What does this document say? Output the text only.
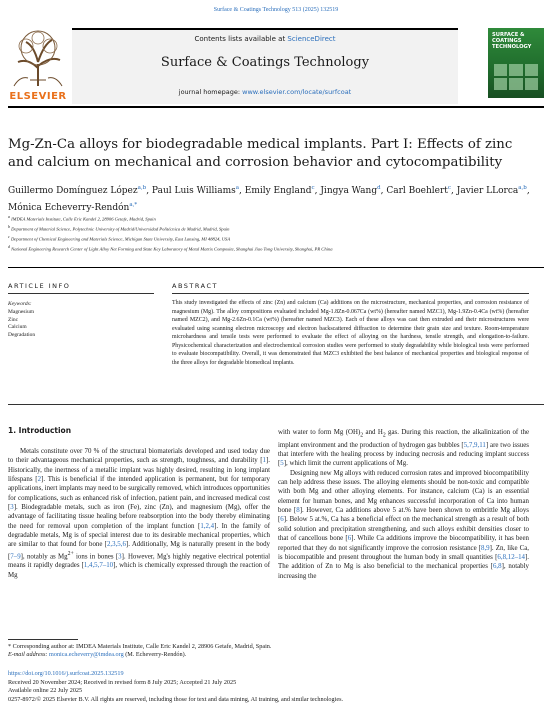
Surface & Coatings Technology 513 (2025) 132519
ELSEVIER
Contents lists available at ScienceDirect
Surface & Coatings Technology
journal homepage: www.elsevier.com/locate/surfcoat
SURFACE & COATINGS TECHNOLOGY
Mg-Zn-Ca alloys for biodegradable medical implants. Part I: Effects of zinc and calcium on mechanical and corrosion behavior and cytocompatibility
Guillermo Domínguez López$^{a,b}$, Paul Luis Williams$^a$, Emily England$^c$, Jingya Wang$^d$, Carl Boehlert$^c$, Javier LLorca$^{a,b}$, Mónica Echeverry-Rendón$^{a,*}$
$^a$ IMDEA Materials Institute, Calle Eric Kandel 2, 28906 Getafe, Madrid, Spain
$^b$ Department of Material Science, Polytechnic University of Madrid/Universidad Politécnica de Madrid, Madrid, Spain
$^c$ Department of Chemical Engineering and Materials Science, Michigan State University, East Lansing, MI 48824, USA
$^d$ National Engineering Research Center of Light Alloy Net Forming and State Key Laboratory of Metal Matrix Composite, Shanghai Jiao Tong University, Shanghai, PR China
ARTICLE INFO	ABSTRACT
Keywords:
Magnesium
Zinc
Calcium
Degradation
This study investigated the effects of zinc (Zn) and calcium (Ca) additions on the microstructure, mechanical properties, and corrosion resistance of magnesium (Mg). The alloy compositions evaluated included Mg-1.8Zn-0.067Ca (wt%) (hereafter named MZC1), Mg-1.9Zn-0.4Ca (wt%) (hereafter named MZC2), and Mg-2.6Zn-0.1Ca (wt%) (hereafter named MZC3). Each of these alloys was cast then extruded and their microstructures were evaluated using scanning electron microscopy and electron backscattered diffraction to determine their grain size and texture. Room-temperature microhardness and tensile tests were performed to evaluate the effect of alloying on the hardness, tensile strength, and elongation-to-failure. Physicochemical characterization and electrochemical corrosion studies were performed to study degradability while biological tests were performed to evaluate biocompatibility. Overall, it was demonstrated that MZC3 exhibited the best balance of mechanical properties and biological response of the three alloys for degradable biomedical implants.
1. Introduction

Metals constitute over 70 % of the structural biomaterials developed and used today due to their advantageous mechanical properties, such as strength, toughness, and durability [1]. Historically, the inertness of a metallic implant was highly desired, resulting in long implant lifespans [2]. This is beneficial if the intended application is permanent, but for temporary applications, inert implants may need to be surgically removed, which introduces opportunities for complications, such as enhanced risk of infection, patient pain, and increased medical cost [3]. Biodegradable metals, such as iron (Fe), zinc (Zn), and magnesium (Mg), offer the advantage of facilitating tissue healing before reabsorption into the body thereby eliminating the need for removal upon completion of the implant function [1,2,4]. In the family of degradable metals, Mg is of special interest due to its desirable mechanical properties, which are similar to that found for bone [2,3,5,6]. Additionally, Mg is naturally present in the body [7–9], notably as $Mg^{2+}$ ions in bones [3]. However, Mg's highly negative electrical potential means it rapidly degrades [1,4,5,7–10], which is chemically expressed through the reaction of Mg

with water to form Mg $(OH)_2$ and $H_2$ gas. During this reaction, the alkalinization of the implant environment and the production of hydrogen gas bubbles [5,7,9,11] are two issues that interfere with the healing process by inducing necrosis and reducing implant success [5], which limit the current applications of Mg.

Designing new Mg alloys with reduced corrosion rates and improved biocompatibility can help address these issues. The alloying elements should be non-toxic and compatible with both Mg and other alloying elements. For instance, calcium (Ca) is an essential element for human bones, and Mg enhances successful incorporation of Ca into human bone [8]. However, Ca additions above 5 at.% have been shown to embrittle Mg alloys [6]. Below 5 at.%, Ca has a beneficial effect on the mechanical strength as a result of both solid solution and precipitation strengthening, and such alloys exhibit densities closer to that of cancellous bone [6]. While Ca additions improve the biocompatibility, it has been reported that they do not significantly improve the corrosion resistance [8,9]. Zn, like Ca, is biocompatible and present throughout the human body in small quantities [6,8,12–14]. The addition of Zn to Mg is also beneficial to the mechanical properties [6,8], notably increasing the

* Corresponding author at: IMDEA Materials Institute, Calle Eric Kandel 2, 28906 Getafe, Madrid, Spain.
E-mail address: monica.echeverry@imdea.org (M. Echeverry-Rendón).
https://doi.org/10.1016/j.surfcoat.2025.132519
Received 20 November 2024; Received in revised form 8 July 2025; Accepted 21 July 2025
Available online 22 July 2025
0257-8972/© 2025 Elsevier B.V. All rights are reserved, including those for text and data mining, AI training, and similar technologies.
